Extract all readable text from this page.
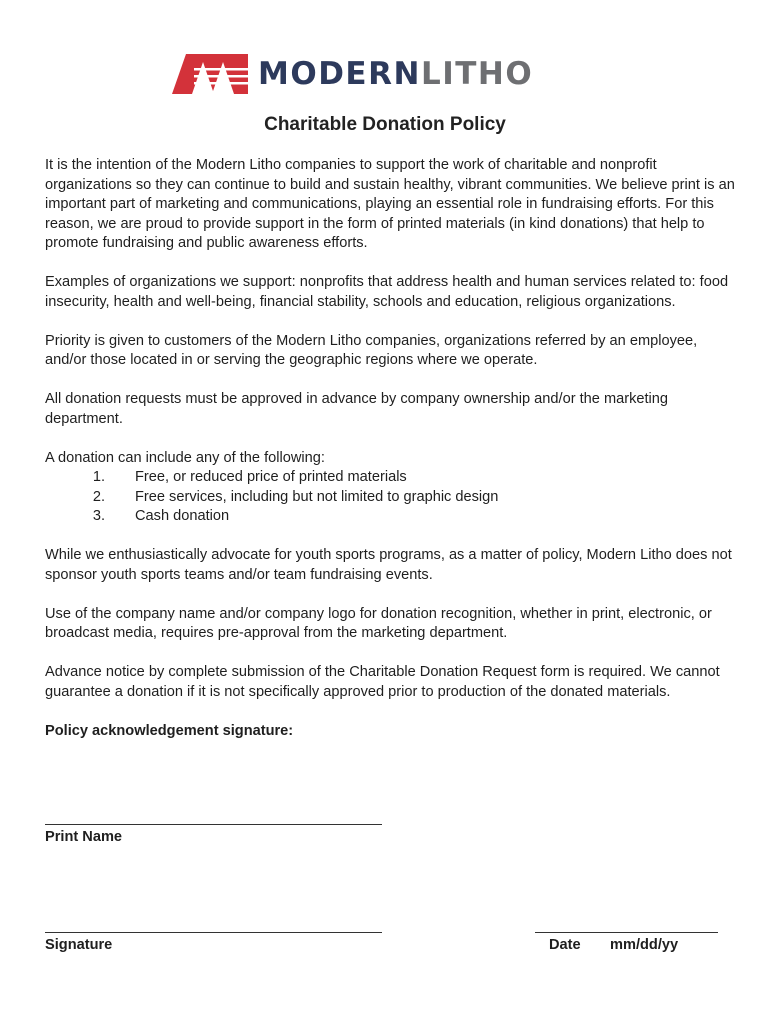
MODERNLITHO
Charitable Donation Policy

It is the intention of the Modern Litho companies to support the work of charitable and nonprofit organizations so they can continue to build and sustain healthy, vibrant communities. We believe print is an important part of marketing and communications, playing an essential role in fundraising efforts. For this reason, we are proud to provide support in the form of printed materials (in kind donations) that help to promote fundraising and public awareness efforts.

Examples of organizations we support: nonprofits that address health and human services related to: food insecurity, health and well-being, financial stability, schools and education, religious organizations.

Priority is given to customers of the Modern Litho companies, organizations referred by an employee, and/or those located in or serving the geographic regions where we operate.

All donation requests must be approved in advance by company ownership and/or the marketing department.

A donation can include any of the following:
1.	Free, or reduced price of printed materials
2.	Free services, including but not limited to graphic design
3.	Cash donation

While we enthusiastically advocate for youth sports programs, as a matter of policy, Modern Litho does not sponsor youth sports teams and/or team fundraising events.

Use of the company name and/or company logo for donation recognition, whether in print, electronic, or broadcast media, requires pre-approval from the marketing department.

Advance notice by complete submission of the Charitable Donation Request form is required. We cannot guarantee a donation if it is not specifically approved prior to production of the donated materials.

Policy acknowledgement signature:
Print Name
Signature	Date mm/dd/yy
